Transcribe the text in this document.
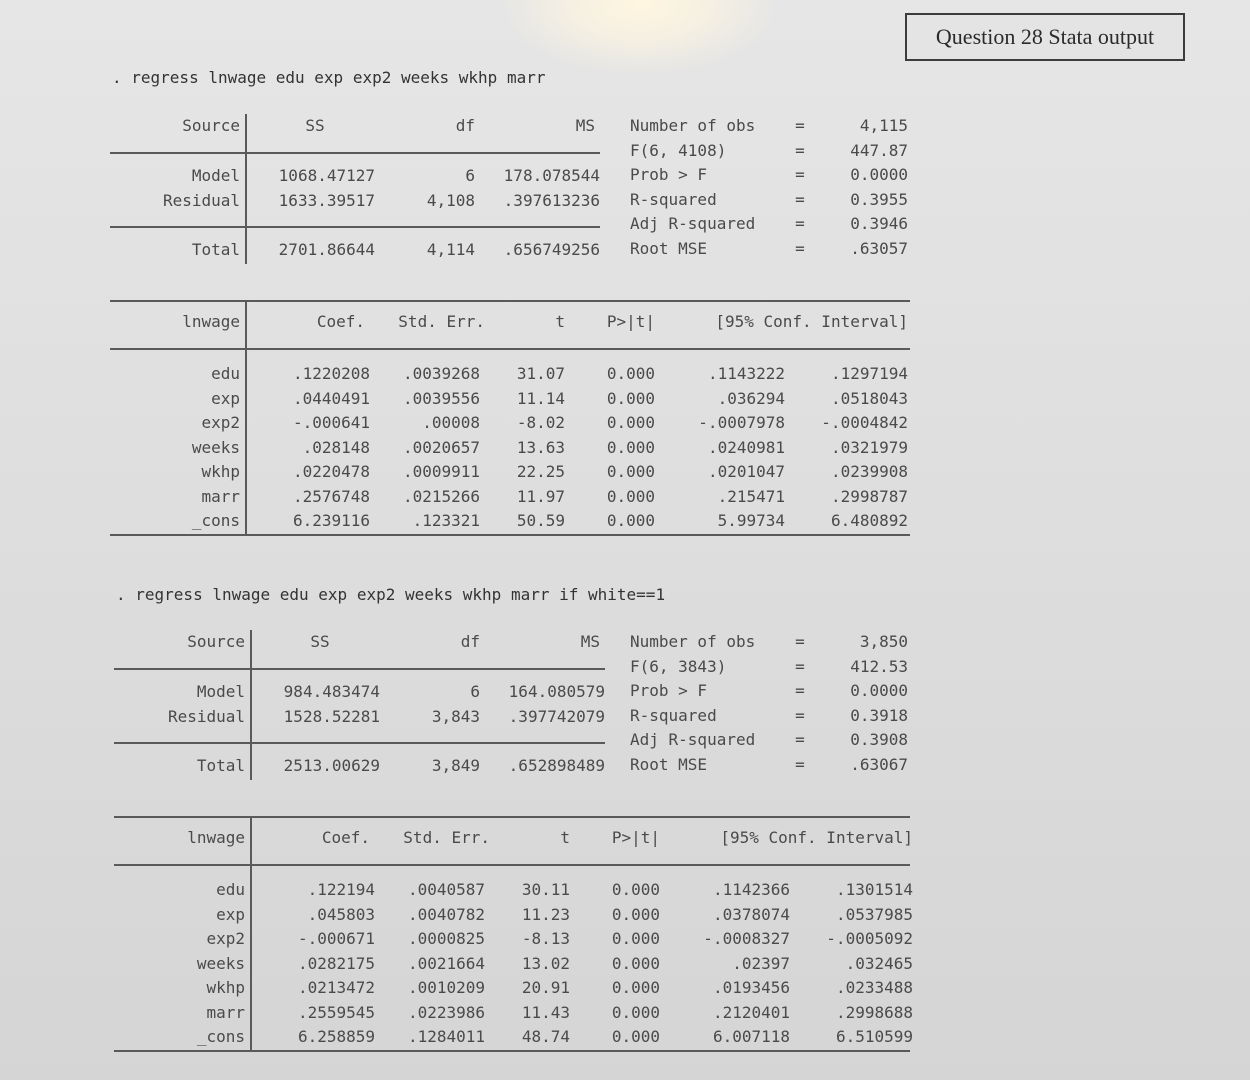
Question 28 Stata output
. regress lnwage edu exp exp2 weeks wkhp marr
Source	SS	df	MS
Model	1068.47127	6	178.078544
Residual	1633.39517	4,108	.397613236
Total	2701.86644	4,114	.656749256
Number of obs	=	4,115
F(6, 4108)	=	447.87
Prob > F	=	0.0000
R-squared	=	0.3955
Adj R-squared	=	0.3946
Root MSE	=	.63057
lnwage	Coef.	Std. Err.	t	P>|t|	[95% Conf. Interval]
edu	.1220208	.0039268	31.07	0.000	.1143222	.1297194
exp	.0440491	.0039556	11.14	0.000	.036294	.0518043
exp2	-.000641	.00008	-8.02	0.000	-.0007978	-.0004842
weeks	.028148	.0020657	13.63	0.000	.0240981	.0321979
wkhp	.0220478	.0009911	22.25	0.000	.0201047	.0239908
marr	.2576748	.0215266	11.97	0.000	.215471	.2998787
_cons	6.239116	.123321	50.59	0.000	5.99734	6.480892
. regress lnwage edu exp exp2 weeks wkhp marr if white==1
Source	SS	df	MS
Model	984.483474	6	164.080579
Residual	1528.52281	3,843	.397742079
Total	2513.00629	3,849	.652898489
Number of obs	=	3,850
F(6, 3843)	=	412.53
Prob > F	=	0.0000
R-squared	=	0.3918
Adj R-squared	=	0.3908
Root MSE	=	.63067
lnwage	Coef.	Std. Err.	t	P>|t|	[95% Conf. Interval]
edu	.122194	.0040587	30.11	0.000	.1142366	.1301514
exp	.045803	.0040782	11.23	0.000	.0378074	.0537985
exp2	-.000671	.0000825	-8.13	0.000	-.0008327	-.0005092
weeks	.0282175	.0021664	13.02	0.000	.02397	.032465
wkhp	.0213472	.0010209	20.91	0.000	.0193456	.0233488
marr	.2559545	.0223986	11.43	0.000	.2120401	.2998688
_cons	6.258859	.1284011	48.74	0.000	6.007118	6.510599
